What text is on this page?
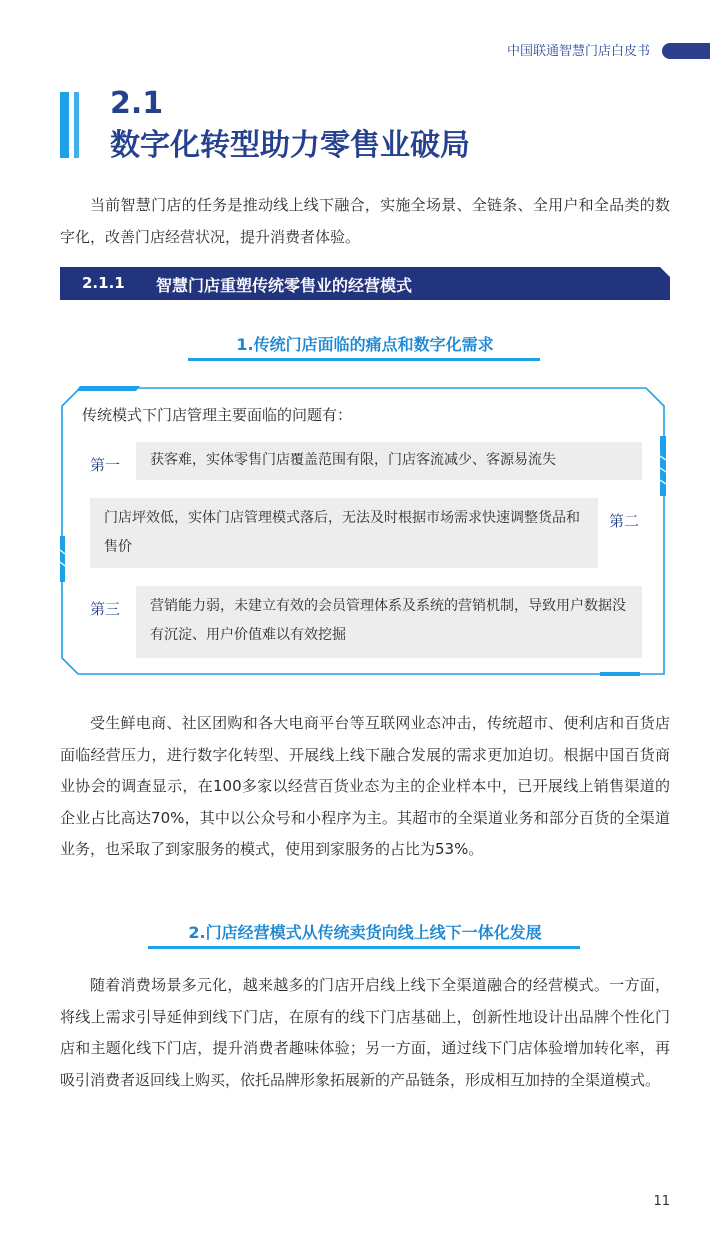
中国联通智慧门店白皮书
2.1
数字化转型助力零售业破局
当前智慧门店的任务是推动线上线下融合，实施全场景、全链条、全用户和全品类的数字化，改善门店经营状况，提升消费者体验。
2.1.1 智慧门店重塑传统零售业的经营模式
1.传统门店面临的痛点和数字化需求
传统模式下门店管理主要面临的问题有：
第一	获客难，实体零售门店覆盖范围有限，门店客流减少、客源易流失
门店坪效低，实体门店管理模式落后，无法及时根据市场需求快速调整货品和售价
第二
第三	营销能力弱，未建立有效的会员管理体系及系统的营销机制，导致用户数据没有沉淀、用户价值难以有效挖掘
受生鲜电商、社区团购和各大电商平台等互联网业态冲击，传统超市、便利店和百货店面临经营压力，进行数字化转型、开展线上线下融合发展的需求更加迫切。根据中国百货商业协会的调查显示，在100多家以经营百货业态为主的企业样本中，已开展线上销售渠道的企业占比高达70%，其中以公众号和小程序为主。其超市的全渠道业务和部分百货的全渠道业务，也采取了到家服务的模式，使用到家服务的占比为53%。
2.门店经营模式从传统卖货向线上线下一体化发展
随着消费场景多元化，越来越多的门店开启线上线下全渠道融合的经营模式。一方面，将线上需求引导延伸到线下门店，在原有的线下门店基础上，创新性地设计出品牌个性化门店和主题化线下门店，提升消费者趣味体验；另一方面，通过线下门店体验增加转化率，再吸引消费者返回线上购买，依托品牌形象拓展新的产品链条，形成相互加持的全渠道模式。
11
